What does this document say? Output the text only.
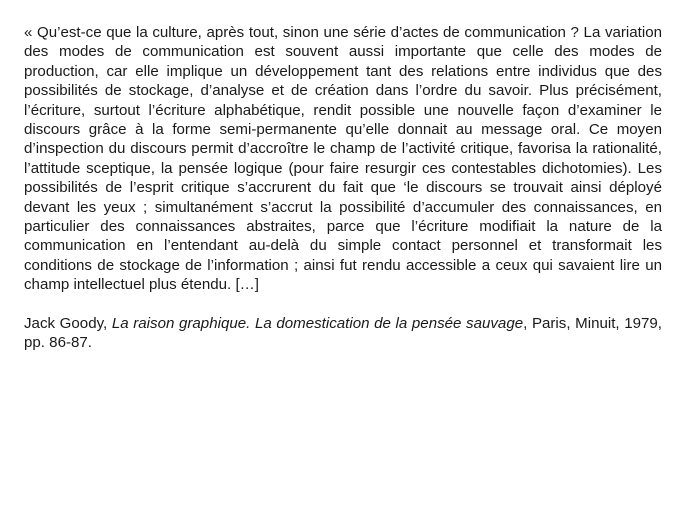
« Qu’est-ce que la culture, après tout, sinon une série d’actes de communication ? La variation des modes de communication est souvent aussi importante que celle des modes de production, car elle implique un développement tant des relations entre individus que des possibilités de stockage, d’analyse et de création dans l’ordre du savoir. Plus précisément, l’écriture, surtout l’écriture alphabétique, rendit possible une nouvelle façon d’examiner le discours grâce à la forme semi-permanente qu’elle donnait au message oral. Ce moyen d’inspection du discours permit d’accroître le champ de l’activité critique, favorisa la rationalité, l’attitude sceptique, la pensée logique (pour faire resurgir ces contestables dichotomies). Les possibilités de l’esprit critique s’accrurent du fait que ‘le discours se trouvait ainsi déployé devant les yeux ; simultanément s’accrut la possibilité d’accumuler des connaissances, en particulier des connaissances abstraites, parce que l’écriture modifiait la nature de la communication en l’entendant au-delà du simple contact personnel et transformait les conditions de stockage de l’information ; ainsi fut rendu accessible a ceux qui savaient lire un champ intellectuel plus étendu. […]

Jack Goody, La raison graphique. La domestication de la pensée sauvage, Paris, Minuit, 1979, pp. 86-87.
